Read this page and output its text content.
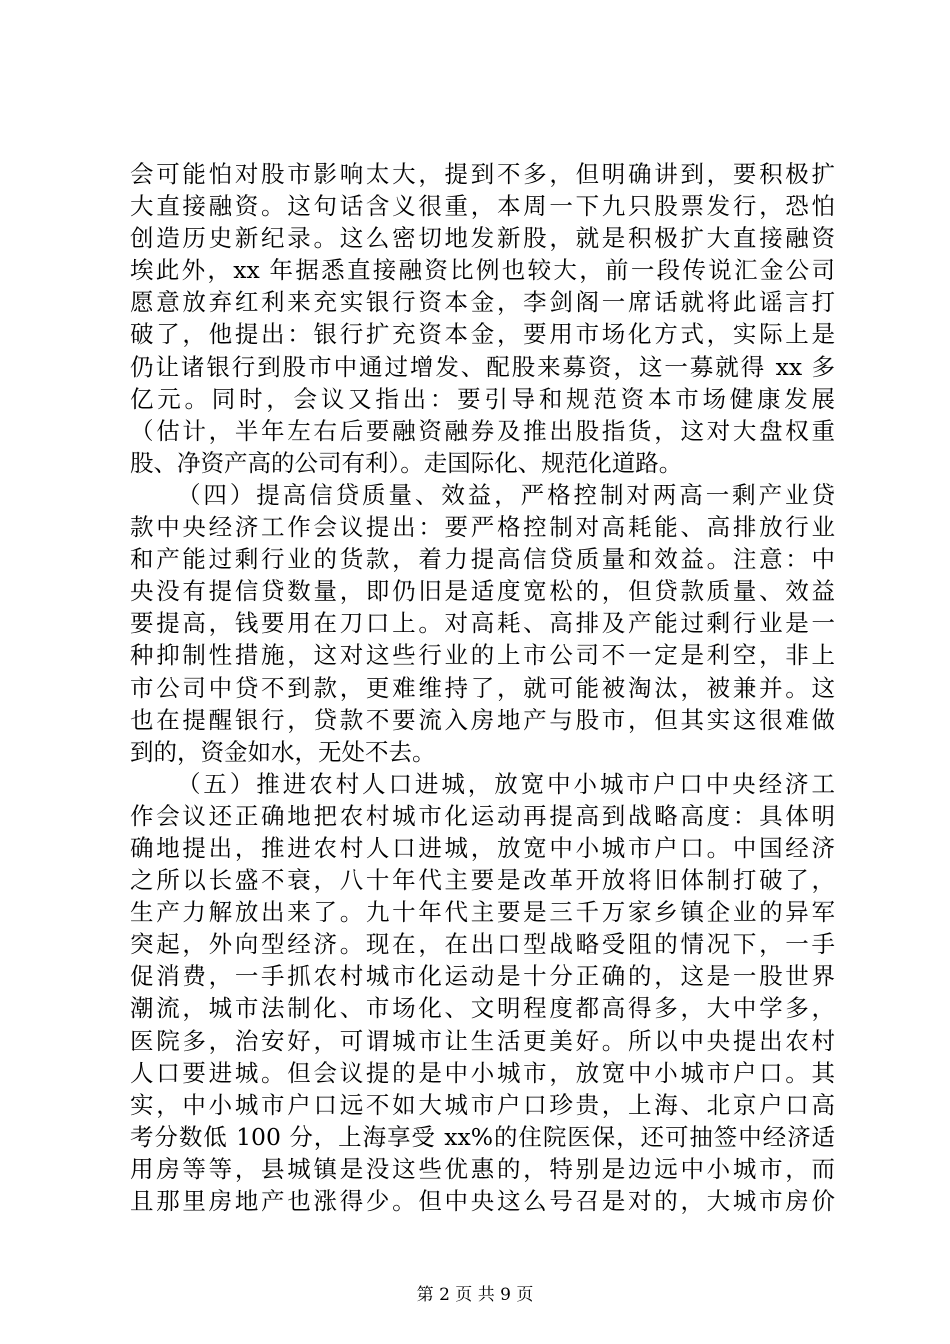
会可能怕对股市影响太大，提到不多，但明确讲到，要积极扩
大直接融资。这句话含义很重，本周一下九只股票发行，恐怕
创造历史新纪录。这么密切地发新股，就是积极扩大直接融资
埃此外，xx 年据悉直接融资比例也较大，前一段传说汇金公司
愿意放弃红利来充实银行资本金，李剑阁一席话就将此谣言打
破了，他提出：银行扩充资本金，要用市场化方式，实际上是
仍让诸银行到股市中通过增发、配股来募资，这一募就得 xx 多
亿元。同时，会议又指出：要引导和规范资本市场健康发展
（估计，半年左右后要融资融券及推出股指货，这对大盘权重
股、净资产高的公司有利）。走国际化、规范化道路。
（四）提高信贷质量、效益，严格控制对两高一剩产业贷
款中央经济工作会议提出：要严格控制对高耗能、高排放行业
和产能过剩行业的货款，着力提高信贷质量和效益。注意：中
央没有提信贷数量，即仍旧是适度宽松的，但贷款质量、效益
要提高，钱要用在刀口上。对高耗、高排及产能过剩行业是一
种抑制性措施，这对这些行业的上市公司不一定是利空，非上
市公司中贷不到款，更难维持了，就可能被淘汰，被兼并。这
也在提醒银行，贷款不要流入房地产与股市，但其实这很难做
到的，资金如水，无处不去。
（五）推进农村人口进城，放宽中小城市户口中央经济工
作会议还正确地把农村城市化运动再提高到战略高度：具体明
确地提出，推进农村人口进城，放宽中小城市户口。中国经济
之所以长盛不衰，八十年代主要是改革开放将旧体制打破了，
生产力解放出来了。九十年代主要是三千万家乡镇企业的异军
突起，外向型经济。现在，在出口型战略受阻的情况下，一手
促消费，一手抓农村城市化运动是十分正确的，这是一股世界
潮流，城市法制化、市场化、文明程度都高得多，大中学多，
医院多，治安好，可谓城市让生活更美好。所以中央提出农村
人口要进城。但会议提的是中小城市，放宽中小城市户口。其
实，中小城市户口远不如大城市户口珍贵，上海、北京户口高
考分数低 100 分，上海享受 xx%的住院医保，还可抽签中经济适
用房等等，县城镇是没这些优惠的，特别是边远中小城市，而
且那里房地产也涨得少。但中央这么号召是对的，大城市房价
第 2 页 共 9 页
